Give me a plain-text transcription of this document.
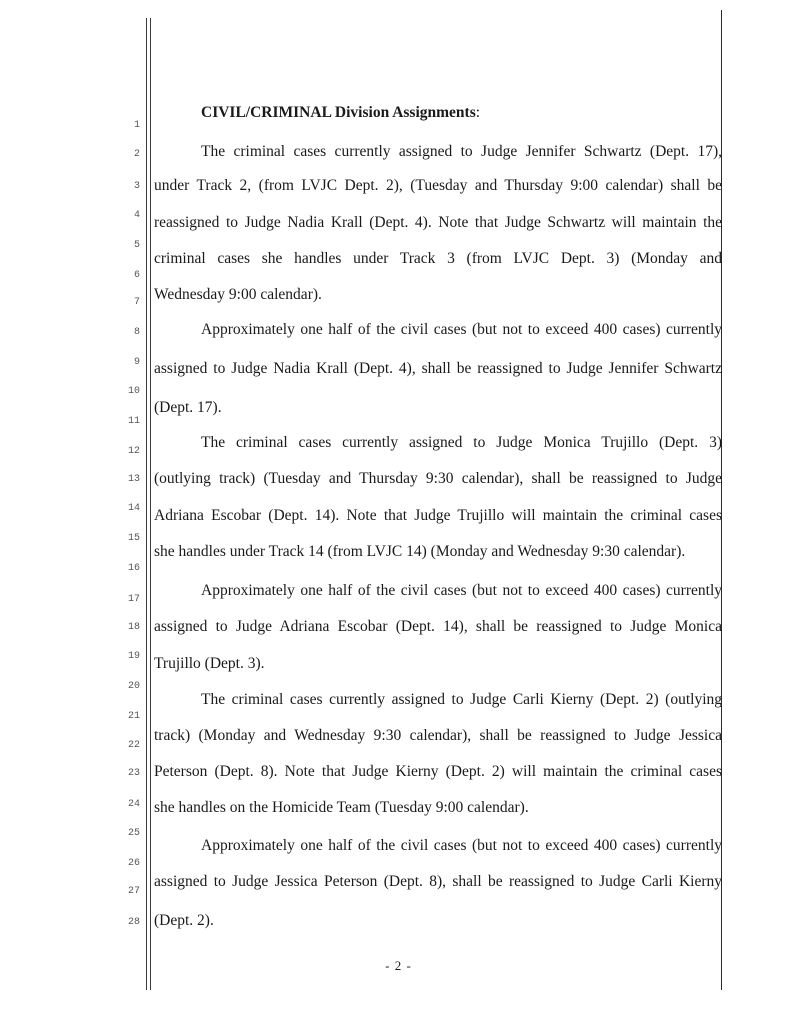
1
2
3
4
5
6
7
8
9
10
11
12
13
14
15
16
17
18
19
20
21
22
23
24
25
26
27
28
CIVIL/CRIMINAL Division Assignments:
The criminal cases currently assigned to Judge Jennifer Schwartz (Dept. 17),
under Track 2, (from LVJC Dept. 2), (Tuesday and Thursday 9:00 calendar) shall be
reassigned to Judge Nadia Krall (Dept. 4). Note that Judge Schwartz will maintain the
criminal cases she handles under Track 3 (from LVJC Dept. 3) (Monday and
Wednesday 9:00 calendar).
Approximately one half of the civil cases (but not to exceed 400 cases) currently
assigned to Judge Nadia Krall (Dept. 4), shall be reassigned to Judge Jennifer Schwartz
(Dept. 17).
The criminal cases currently assigned to Judge Monica Trujillo (Dept. 3)
(outlying track) (Tuesday and Thursday 9:30 calendar), shall be reassigned to Judge
Adriana Escobar (Dept. 14). Note that Judge Trujillo will maintain the criminal cases
she handles under Track 14 (from LVJC 14) (Monday and Wednesday 9:30 calendar).
Approximately one half of the civil cases (but not to exceed 400 cases) currently
assigned to Judge Adriana Escobar (Dept. 14), shall be reassigned to Judge Monica
Trujillo (Dept. 3).
The criminal cases currently assigned to Judge Carli Kierny (Dept. 2) (outlying
track) (Monday and Wednesday 9:30 calendar), shall be reassigned to Judge Jessica
Peterson (Dept. 8). Note that Judge Kierny (Dept. 2) will maintain the criminal cases
she handles on the Homicide Team (Tuesday 9:00 calendar).
Approximately one half of the civil cases (but not to exceed 400 cases) currently
assigned to Judge Jessica Peterson (Dept. 8), shall be reassigned to Judge Carli Kierny
(Dept. 2).
- 2 -
